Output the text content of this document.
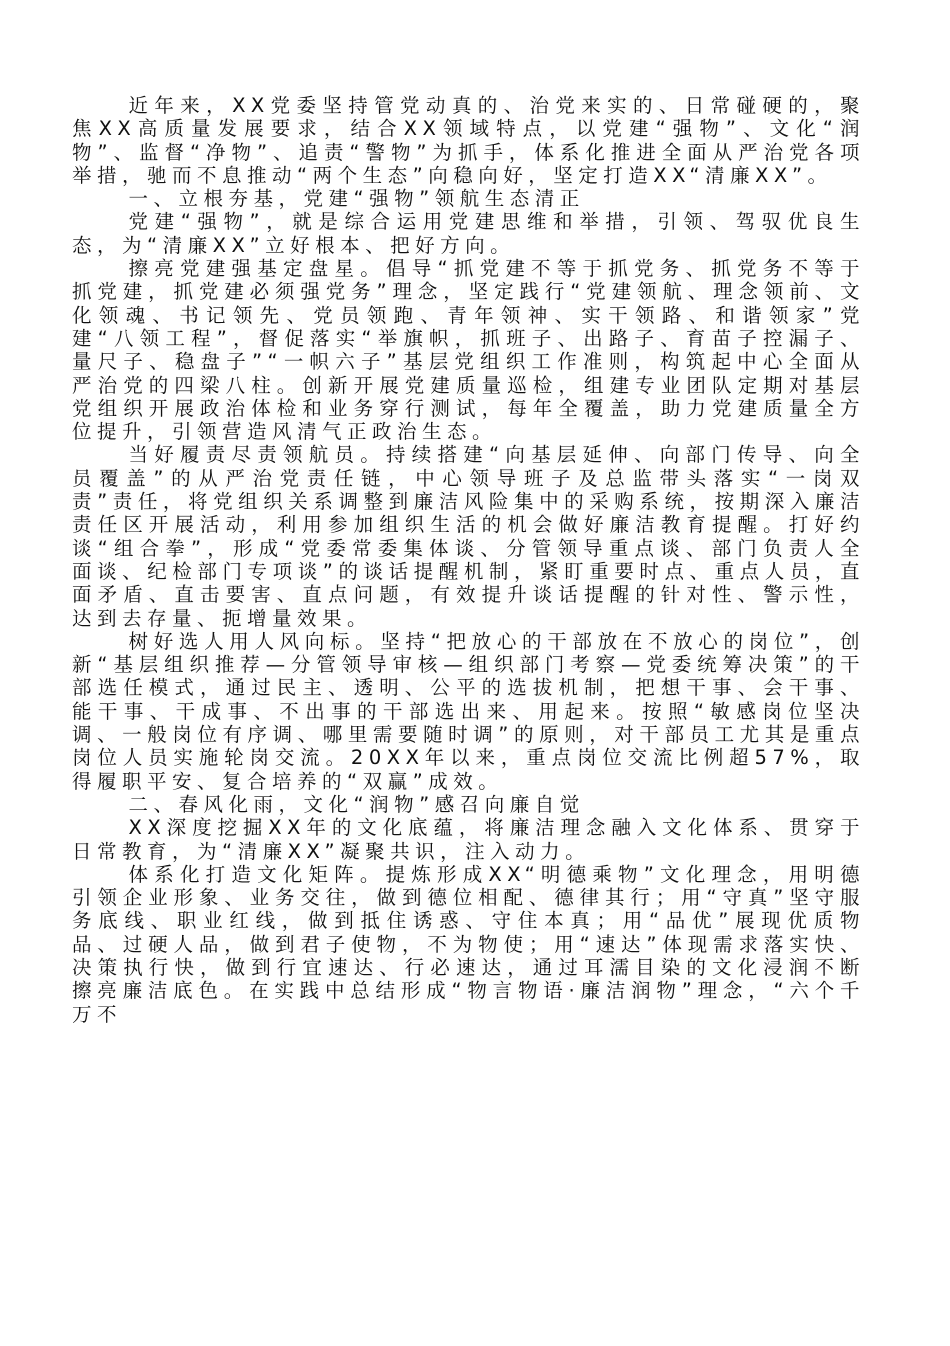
近年来，XX党委坚持管党动真的、治党来实的、日常碰硬的，聚焦XX高质量发展要求，结合XX领域特点，以党建“强物”、文化“润物”、监督“净物”、追责“警物”为抓手，体系化推进全面从严治党各项举措，驰而不息推动“两个生态”向稳向好，坚定打造XX“清廉XX”。

一、立根夯基，党建“强物”领航生态清正

党建“强物”，就是综合运用党建思维和举措，引领、驾驭优良生态，为“清廉XX”立好根本、把好方向。

擦亮党建强基定盘星。倡导“抓党建不等于抓党务、抓党务不等于抓党建，抓党建必须强党务”理念，坚定践行“党建领航、理念领前、文化领魂、书记领先、党员领跑、青年领神、实干领路、和谐领家”党建“八领工程”，督促落实“举旗帜，抓班子、出路子、育苗子控漏子、量尺子、稳盘子”“一帜六子”基层党组织工作准则，构筑起中心全面从严治党的四梁八柱。创新开展党建质量巡检，组建专业团队定期对基层党组织开展政治体检和业务穿行测试，每年全覆盖，助力党建质量全方位提升，引领营造风清气正政治生态。

当好履责尽责领航员。持续搭建“向基层延伸、向部门传导、向全员覆盖”的从严治党责任链，中心领导班子及总监带头落实“一岗双责”责任，将党组织关系调整到廉洁风险集中的采购系统，按期深入廉洁责任区开展活动，利用参加组织生活的机会做好廉洁教育提醒。打好约谈“组合拳”，形成“党委常委集体谈、分管领导重点谈、部门负责人全面谈、纪检部门专项谈”的谈话提醒机制，紧盯重要时点、重点人员，直面矛盾、直击要害、直点问题，有效提升谈话提醒的针对性、警示性，达到去存量、扼增量效果。

树好选人用人风向标。坚持“把放心的干部放在不放心的岗位”，创新“基层组织推荐—分管领导审核—组织部门考察—党委统筹决策”的干部选任模式，通过民主、透明、公平的选拔机制，把想干事、会干事、能干事、干成事、不出事的干部选出来、用起来。按照“敏感岗位坚决调、一般岗位有序调、哪里需要随时调”的原则，对干部员工尤其是重点岗位人员实施轮岗交流。20XX年以来，重点岗位交流比例超57%，取得履职平安、复合培养的“双赢”成效。

二、春风化雨，文化“润物”感召向廉自觉

XX深度挖掘XX年的文化底蕴，将廉洁理念融入文化体系、贯穿于日常教育，为“清廉XX”凝聚共识，注入动力。

体系化打造文化矩阵。提炼形成XX“明德乘物”文化理念，用明德引领企业形象、业务交往，做到德位相配、德律其行；用“守真”坚守服务底线、职业红线，做到抵住诱惑、守住本真；用“品优”展现优质物品、过硬人品，做到君子使物，不为物使；用“速达”体现需求落实快、决策执行快，做到行宜速达、行必速达，通过耳濡目染的文化浸润不断擦亮廉洁底色。在实践中总结形成“物言物语·廉洁润物”理念，“六个千万不
